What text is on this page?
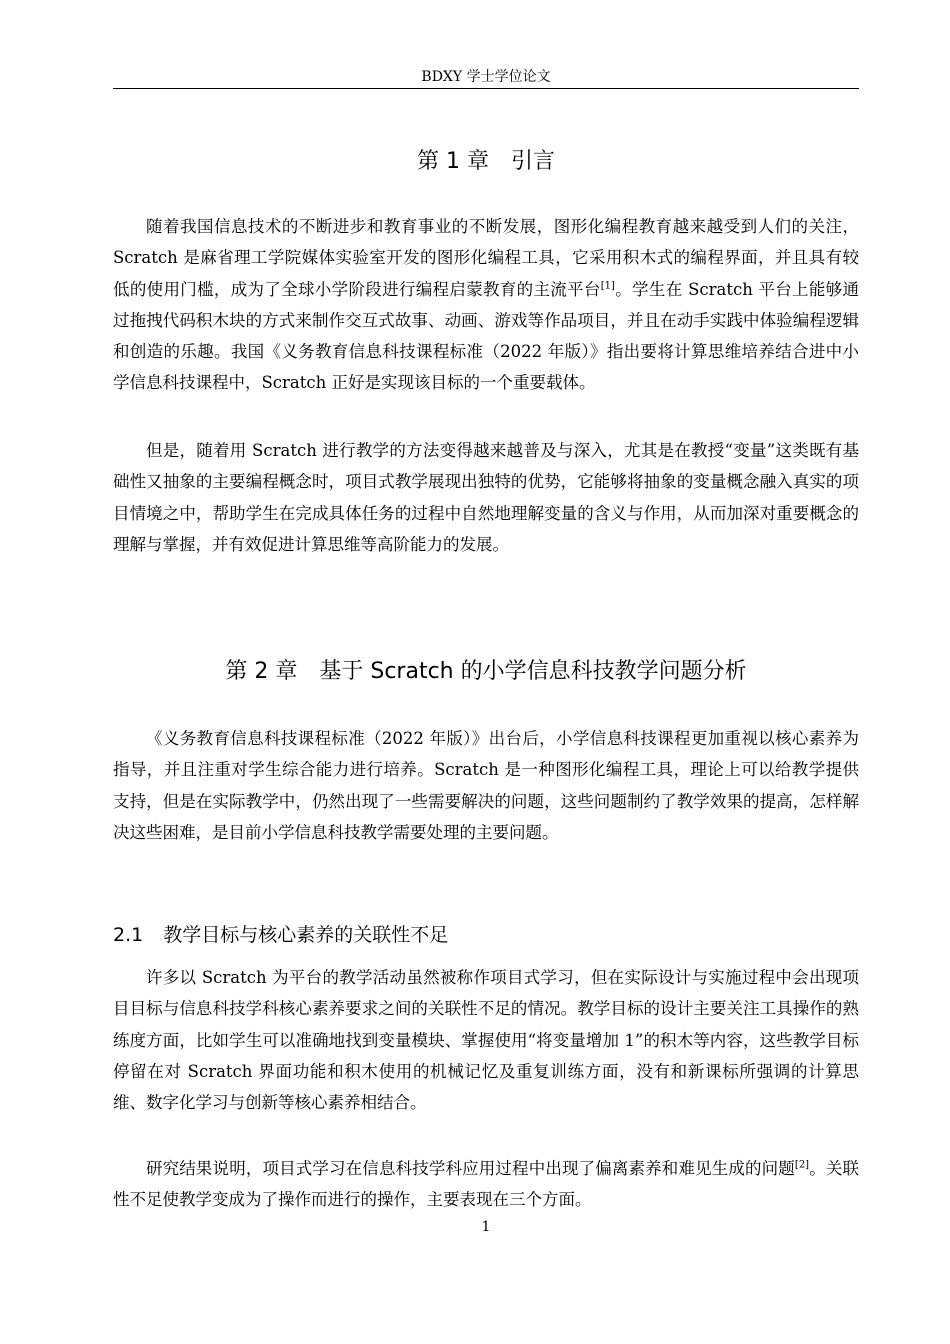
BDXY 学士学位论文
第 1 章 引言

随着我国信息技术的不断进步和教育事业的不断发展，图形化编程教育越来越受到人们的关注，Scratch 是麻省理工学院媒体实验室开发的图形化编程工具，它采用积木式的编程界面，并且具有较低的使用门槛，成为了全球小学阶段进行编程启蒙教育的主流平台[1]。学生在 Scratch 平台上能够通过拖拽代码积木块的方式来制作交互式故事、动画、游戏等作品项目，并且在动手实践中体验编程逻辑和创造的乐趣。我国《义务教育信息科技课程标准（2022 年版）》指出要将计算思维培养结合进中小学信息科技课程中，Scratch 正好是实现该目标的一个重要载体。

但是，随着用 Scratch 进行教学的方法变得越来越普及与深入，尤其是在教授“变量”这类既有基础性又抽象的主要编程概念时，项目式教学展现出独特的优势，它能够将抽象的变量概念融入真实的项目情境之中，帮助学生在完成具体任务的过程中自然地理解变量的含义与作用，从而加深对重要概念的理解与掌握，并有效促进计算思维等高阶能力的发展。

第 2 章 基于 Scratch 的小学信息科技教学问题分析

《义务教育信息科技课程标准（2022 年版）》出台后，小学信息科技课程更加重视以核心素养为指导，并且注重对学生综合能力进行培养。Scratch 是一种图形化编程工具，理论上可以给教学提供支持，但是在实际教学中，仍然出现了一些需要解决的问题，这些问题制约了教学效果的提高，怎样解决这些困难，是目前小学信息科技教学需要处理的主要问题。

2.1 教学目标与核心素养的关联性不足

许多以 Scratch 为平台的教学活动虽然被称作项目式学习，但在实际设计与实施过程中会出现项目目标与信息科技学科核心素养要求之间的关联性不足的情况。教学目标的设计主要关注工具操作的熟练度方面，比如学生可以准确地找到变量模块、掌握使用“将变量增加 1”的积木等内容，这些教学目标停留在对 Scratch 界面功能和积木使用的机械记忆及重复训练方面，没有和新课标所强调的计算思维、数字化学习与创新等核心素养相结合。

研究结果说明，项目式学习在信息科技学科应用过程中出现了偏离素养和难见生成的问题[2]。关联性不足使教学变成为了操作而进行的操作，主要表现在三个方面。

1
